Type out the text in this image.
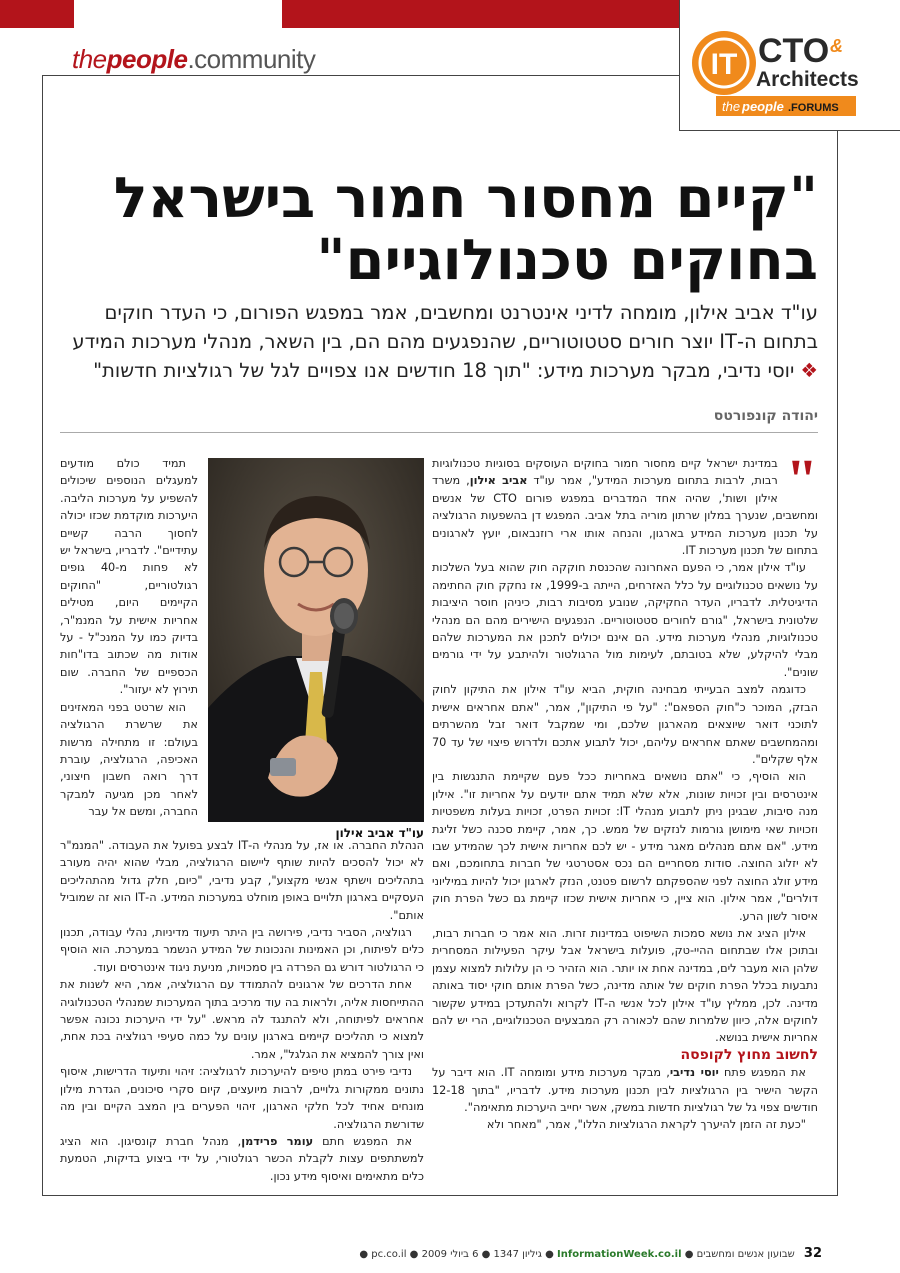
thepeople.community	IT CTO &
Architects
the people .FORUMS
"קיים מחסור חמור בישראל
בחוקים טכנולוגיים"
עו"ד אביב אילון, מומחה לדיני אינטרנט ומחשבים, אמר במפגש הפורום, כי העדר חוקים בתחום ה-IT יוצר חורים סטטוטוריים, שהנפגעים מהם הם, בין השאר, מנהלי מערכות המידע
❖ יוסי נדיבי, מבקר מערכות מידע: "תוך 18 חודשים אנו צפויים לגל של רגולציות חדשות"
יהודה קונפורטס

"
במדינת ישראל קיים מחסור חמור בחוקים העוסקים בסוגיות טכנולוגיות רבות, לרבות בתחום מערכות המידע", אמר עו"ד אביב אילון, משרד אילון ושות', שהיה אחד המדברים במפגש פורום CTO של אנשים ומחשבים, שנערך במלון שרתון מוריה בתל אביב. המפגש דן בהשפעות הרגולציה על תכנון מערכות המידע בארגון, והנחה אותו ארי רוזנבאום, יועץ לארגונים בתחום של תכנון מערכות IT.

עו"ד אילון אמר, כי הפעם האחרונה שהכנסת חוקקה חוק שהוא בעל השלכות על נושאים טכנולוגיים על כלל האזרחים, הייתה ב-1999, אז נחקק חוק החתימה הדיגיטלית. לדבריו, העדר החקיקה, שנובע מסיבות רבות, כיניהן חוסר היציבות שלטונית בישראל, "גורם לחורים סטטוטוריים. הנפגעים הישירים מהם הם מנהלי טכנולוגיות, מנהלי מערכות מידע. הם אינם יכולים לתכנן את המערכות שלהם מבלי להיקלע, שלא בטובתם, לעימות מול הרגולטור ולהיתבע על ידי גורמים שונים".

כדוגמה למצב הבעייתי מבחינה חוקית, הביא עו"ד אילון את התיקון לחוק הבזק, המוכר כ"חוק הספאם": "על פי התיקון", אמר, "אתם אחראים אישית לתוכני דואר שיוצאים מהארגון שלכם, ומי שמקבל דואר זבל מהשרתים ומהמחשבים שאתם אחראים עליהם, יכול לתבוע אתכם ולדרוש פיצוי של עד 70 אלף שקלים".

הוא הוסיף, כי "אתם נושאים באחריות ככל פעם שקיימת התנגשות בין אינטרסים ובין זכויות שונות, אלא שלא תמיד אתם יודעים על אחריות זו". אילון מנה סיבות, שבגינן ניתן לתבוע מנהלי IT: זכויות הפרט, זכויות בעלות משפטיות וזכויות שאי מימושן גורמות לנזקים של ממש. כך, אמר, קיימת סכנה כשל זליגת מידע. "אם אתם מנהלים מאגר מידע - יש לכם אחריות אישית לכך שהמידע שבו לא יזלוג החוצה. סודות מסחריים הם נכס אסטרטגי של חברות בתחומכם, ואם מידע זולג החוצה לפני שהספקתם לרשום פטנט, הנזק לארגון יכול להיות במיליוני דולרים", אמר אילון. הוא ציין, כי אחריות אישית שכזו קיימת גם כשל הפרת חוק איסור לשון הרע.

אילון הציג את נושא סמכות השיפוט במדינות זרות. הוא אמר כי חברות רבות, ובתוכן אלו שבתחום ההיי-טק, פועלות בישראל אבל עיקר הפעילות המסחרית שלהן הוא מעבר לים, במדינה אחת או יותר. הוא הזהיר כי הן עלולות למצוא עצמן נתבעות בכלל הפרת חוקים של אותה מדינה, כשל הפרת אותם חוקי יסוד באותה מדינה. לכן, ממליץ עו"ד אילון לכל אנשי ה-IT לקרוא ולהתעדכן במידע שקשור לחוקים אלה, כיוון שלמרות שהם לכאורה רק המבצעים הטכנולוגיים, הרי יש להם אחריות אישית בנושא.

לחשוב מחוץ לקופסה

את המפגש פתח יוסי נדיבי, מבקר מערכות מידע ומומחה IT. הוא דיבר על הקשר הישיר בין הרגולציות לבין תכנון מערכות מידע. לדבריו, "בתוך 12-18 חודשים צפוי גל של רגולציות חדשות במשק, אשר יחייב היערכות מתאימה".

"כעת זה הזמן להיערך לקראת הרגולציות הללו", אמר, "מאחר ולא

תמיד כולם מודעים למעגלים הנוספים שיכולים להשפיע על מערכות הליבה. היערכות מוקדמת שכזו יכולה לחסוך הרבה קשיים עתידיים". לדבריו, בישראל יש לא פחות מ-40 גופים רגולטוריים, "החוקים הקיימים היום, מטילים אחריות אישית על המנמ"ר, בדיוק כמו על המנכ"ל - על אודות מה שכתוב בדו"חות הכספיים של החברה. שום תירוץ לא יעזור".

הוא שרטט בפני המאזינים את שרשרת הרגולציה בעולם: זו מתחילה מרשות האכיפה, הרגולציה, עוברת דרך רואה חשבון חיצוני, לאחר מכן מגיעה למבקר החברה, ומשם אל עבר

עו"ד אביב אילון

הנהלת החברה. או אז, על מנהלי ה-IT לבצע בפועל את העבודה. "המנמ"ר לא יכול להסכים להיות שותף ליישום הרגולציה, מבלי שהוא יהיה מעורב בתהליכים וישתף אנשי מקצוע", קבע נדיבי, "כיום, חלק גדול מהתהליכים העסקיים בארגון תלויים באופן מוחלט במערכות המידע. ה-IT הוא זה שמוביל אותם".

רגולציה, הסביר נדיבי, פירושה בין היתר תיעוד מדיניות, נהלי עבודה, תכנון כלים לפיתוח, וכן האמינות והנכונות של המידע הנשמר במערכת. הוא הוסיף כי הרגולטור דורש גם הפרדה בין סמכויות, מניעת ניגוד אינטרסים ועוד.

אחת הדרכים של ארגונים להתמודד עם הרגולציה, אמר, היא לשנות את ההתייחסות אליה, ולראות בה עוד מרכיב בתוך המערכות שמנהלי הטכנולוגיה אחראים לפיתוחה, ולא להתנגד לה מראש. "על ידי היערכות נכונה אפשר למצוא כי תהליכים קיימים בארגון עונים על כמה סעיפי רגולציה בכת אחת, ואין צורך להמציא את הגלגל", אמר.

נדיבי פירט במתן טיפים להיערכות לרגולציה: זיהוי ותיעוד הדרישות, איסוף נתונים ממקורות גלויים, לרבות מיועצים, קיום סקרי סיכונים, הגדרת מילון מונחים אחיד לכל חלקי הארגון, זיהוי הפערים בין המצב הקיים ובין מה שדורשת הרגולציה.

את המפגש חתם עומר פרידמן, מנהל חברת קונסיגון. הוא הציג למשתתפים עצות לקבלת הכשר רגולטורי, על ידי ביצוע בדיקות, הטמעת כלים מתאימים ואיסוף מידע נכון.

32 שבועון אנשים ומחשבים ● InformationWeek.co.il ● גיליון 1347 ● 6 ביולי 2009 ● pc.co.il ●
